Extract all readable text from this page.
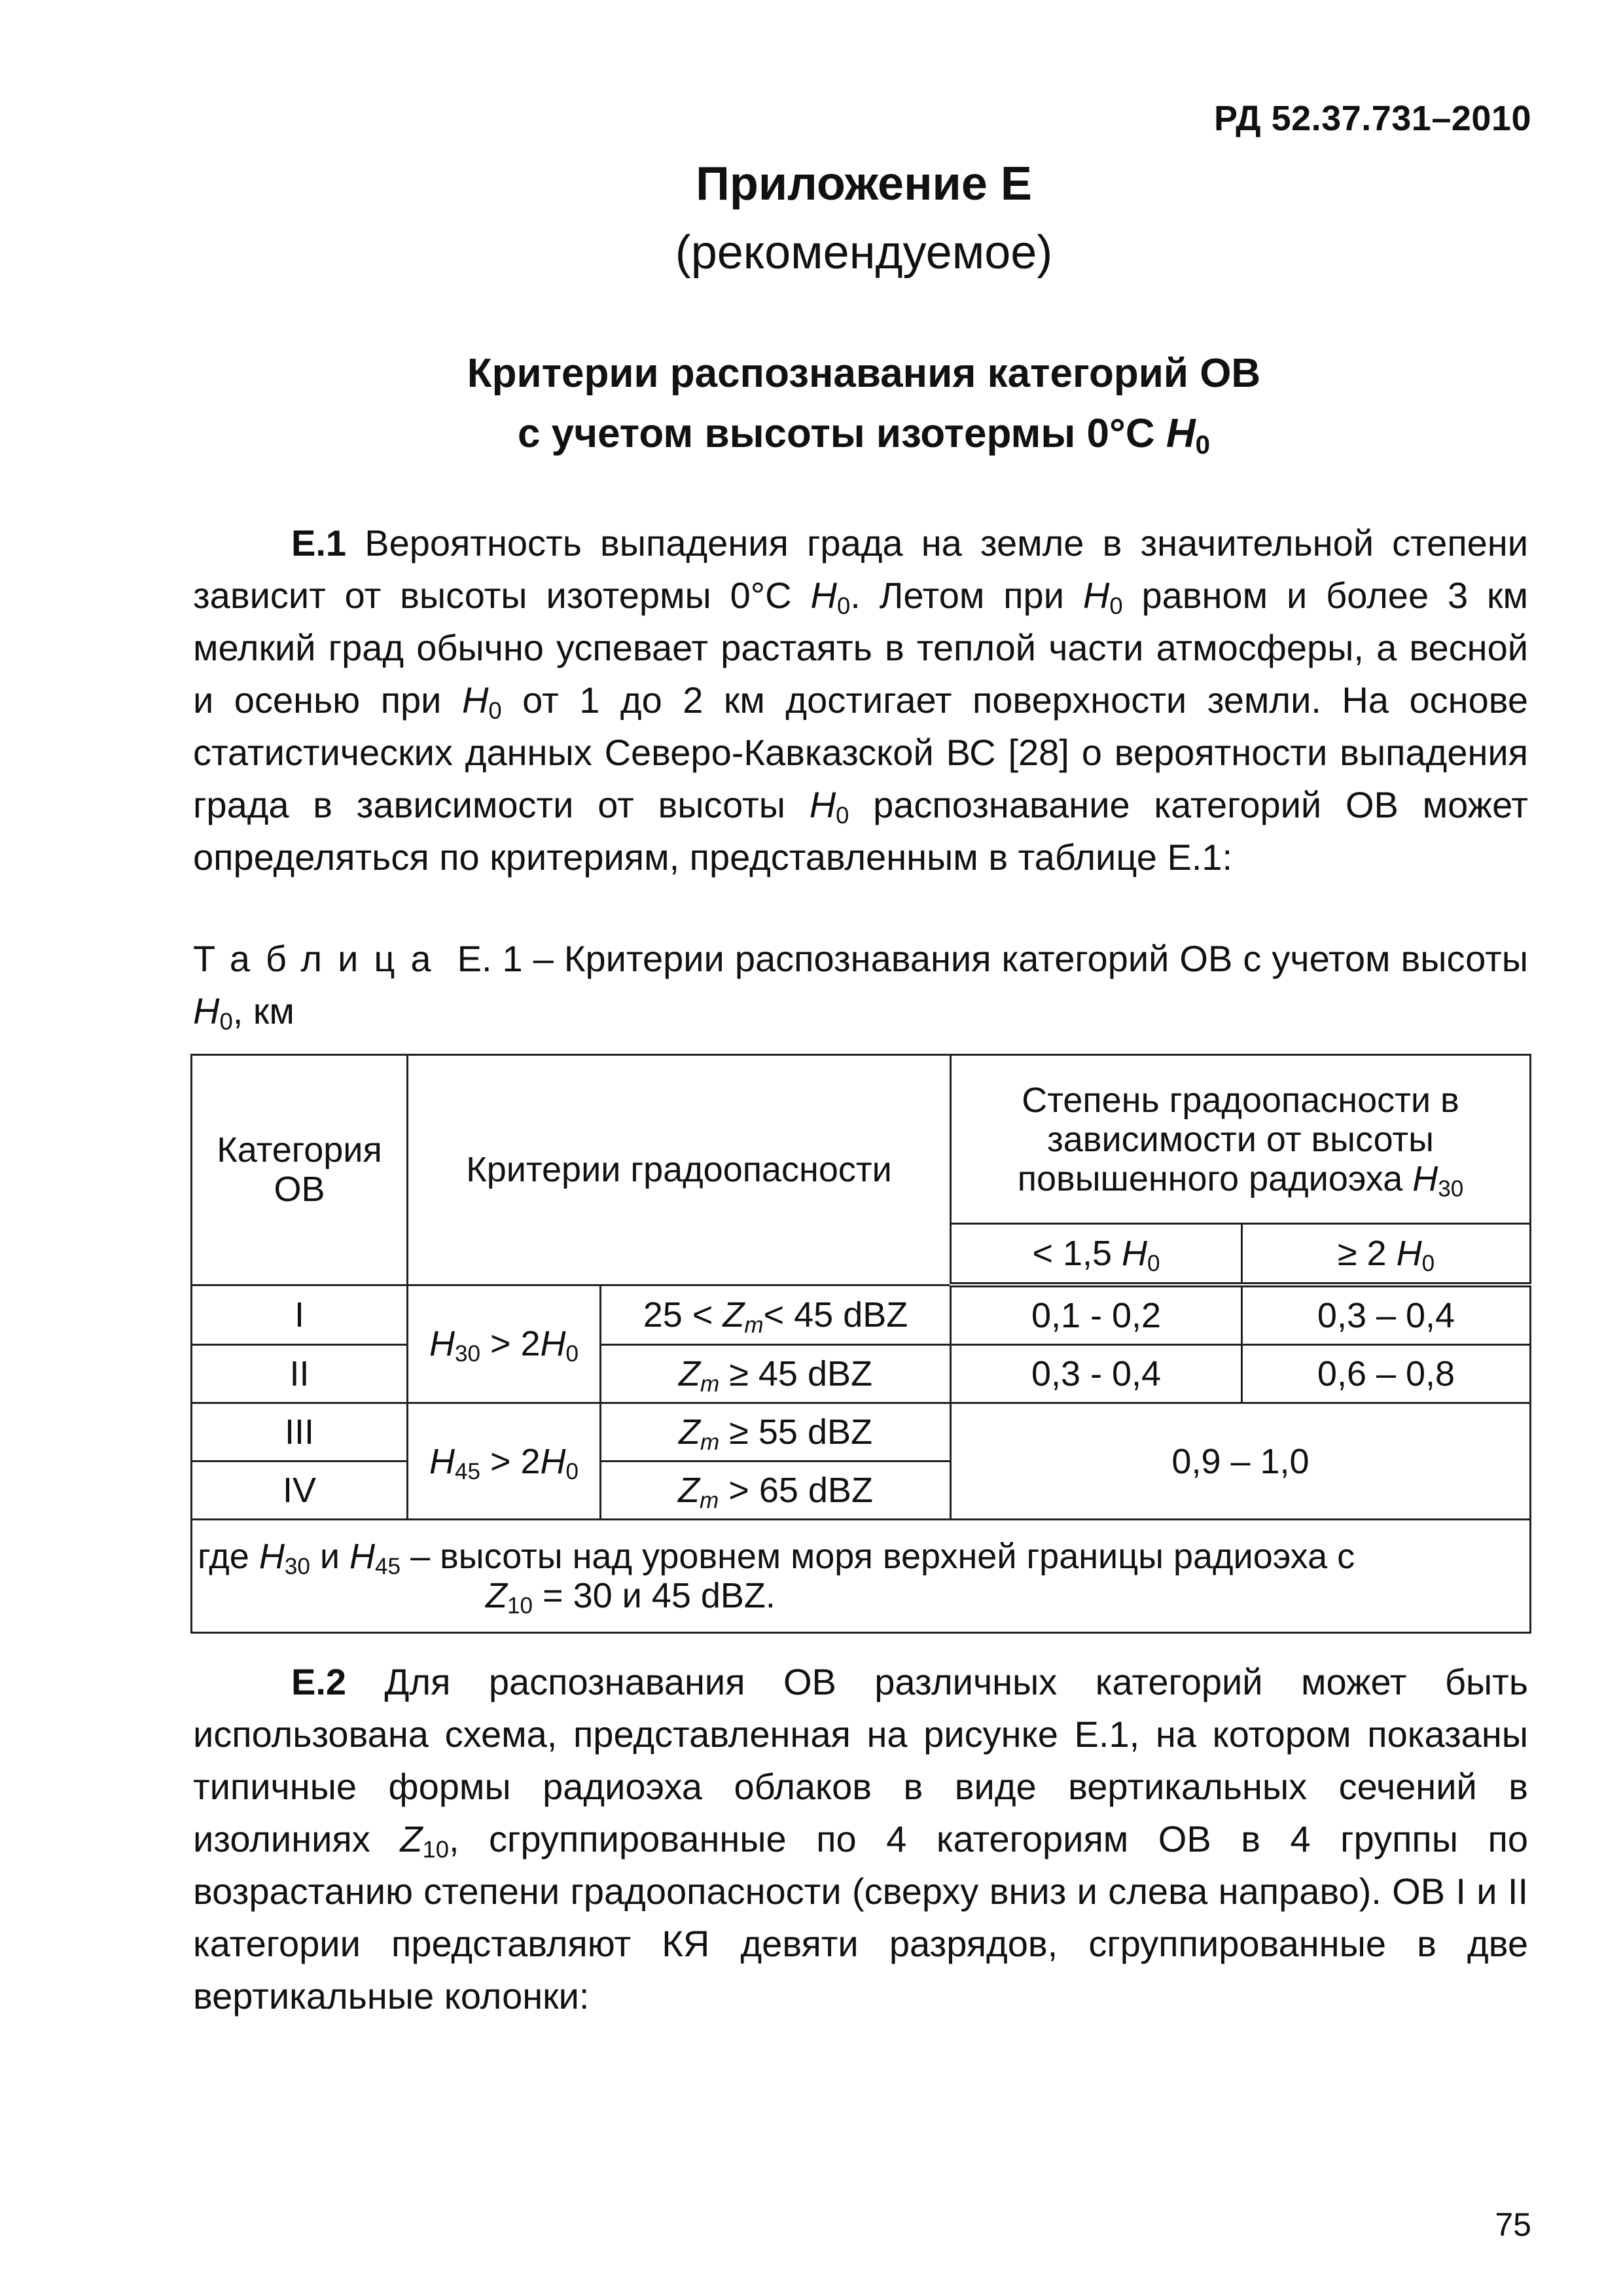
РД 52.37.731–2010
Приложение Е
(рекомендуемое)
Критерии распознавания категорий ОВ
с учетом высоты изотермы 0°С $H_0$
Е.1 Вероятность выпадения града на земле в значительной степени зависит от высоты изотермы 0°С $H_0$. Летом при $H_0$ равном и более 3 км мелкий град обычно успевает растаять в теплой части атмосферы, а весной и осенью при $H_0$ от 1 до 2 км достигает поверхности земли. На основе статистических данных Северо-Кавказской ВС [28] о вероятности выпадения града в зависимости от высоты $H_0$ распознавание категорий ОВ может определяться по критериям, представленным в таблице Е.1:
Таблица Е. 1 – Критерии распознавания категорий ОВ с учетом высоты $H_0$, км
Категория ОВ	Критерии градоопасности		Степень градоопасности в зависимости от высоты повышенного радиоэха $H_{30}$
			< 1,5 $H_0$	≥ 2 $H_0$
I	$H_{30} > 2H_0$	$25 < Z_m< 45$ dBZ	0,1 - 0,2	0,3 – 0,4
II		$Z_m \ge 45$ dBZ	0,3 - 0,4	0,6 – 0,8
III	$H_{45} > 2H_0$	$Z_m \ge 55$ dBZ	0,9 – 1,0	
IV		$Z_m > 65$ dBZ		
где $H_{30}$ и $H_{45}$ – высоты над уровнем моря верхней границы радиоэха с
$Z_{10} = 30$ и 45 dBZ.				
Е.2 Для распознавания ОВ различных категорий может быть использована схема, представленная на рисунке Е.1, на котором показаны типичные формы радиоэха облаков в виде вертикальных сечений в изолиниях $Z_{10}$, сгруппированные по 4 категориям ОВ в 4 группы по возрастанию степени градоопасности (сверху вниз и слева направо). ОВ I и II категории представляют КЯ девяти разрядов, сгруппированные в две вертикальные колонки:
75
